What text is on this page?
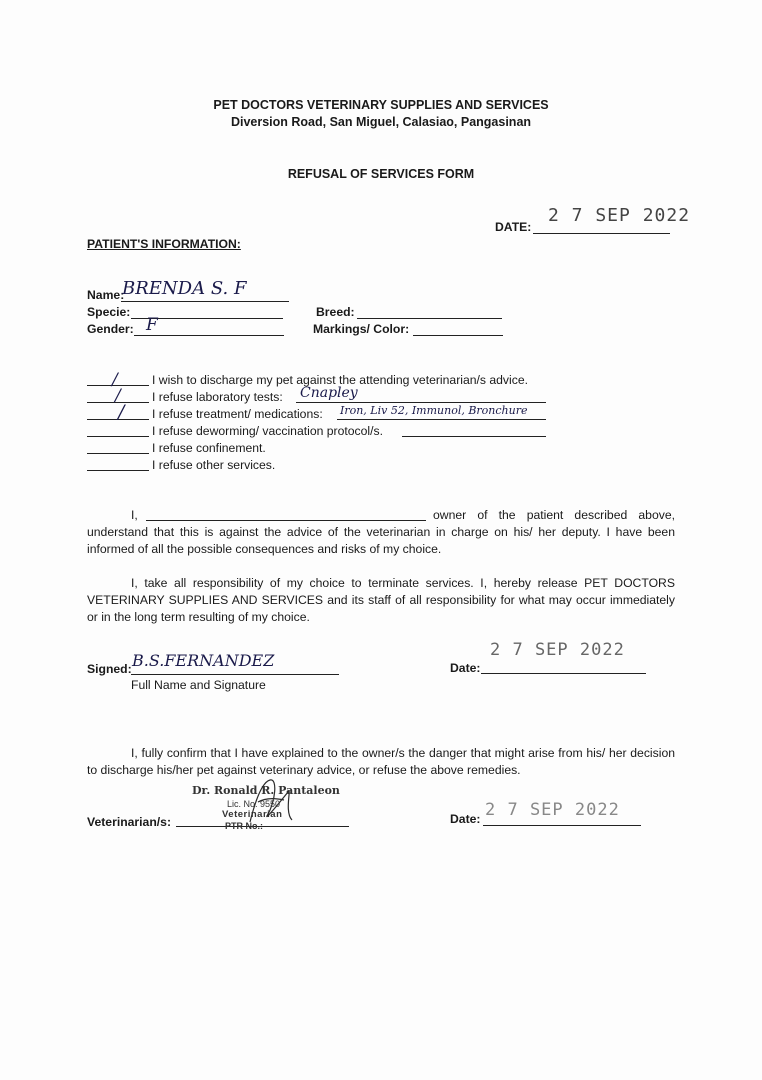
PET DOCTORS VETERINARY SUPPLIES AND SERVICES
Diversion Road, San Miguel, Calasiao, Pangasinan
REFUSAL OF SERVICES FORM
DATE:
2 7 SEP 2022
PATIENT'S INFORMATION:
Name:
BRENDA S. F
Specie:	Breed:
Gender: F	Markings/ Color:
/	I wish to discharge my pet against the attending veterinarian/s advice.
/	I refuse laboratory tests: Cnapley
/ I refuse treatment/ medications: Iron, Liv 52, Immunol, Bronchure
I refuse deworming/ vaccination protocol/s.
I refuse confinement.
I refuse other services.
I,	owner of the patient described above,
understand that this is against the advice of the veterinarian in charge on his/ her deputy. I have been informed of all the possible consequences and risks of my choice.
I, take all responsibility of my choice to terminate services. I, hereby release PET DOCTORS VETERINARY SUPPLIES AND SERVICES and its staff of all responsibility for what may occur immediately or in the long term resulting of my choice.
Signed: B.S.FERNANDEZ
Full Name and Signature
Date:
2 7 SEP 2022
I, fully confirm that I have explained to the owner/s the danger that might arise from his/ her decision to discharge his/her pet against veterinary advice, or refuse the above remedies.
Veterinarian/s:
Dr. Ronald R. Pantaleon
Lic. No. 9550
Veterinarian
PTR No.:	Date: 2 7 SEP 2022
